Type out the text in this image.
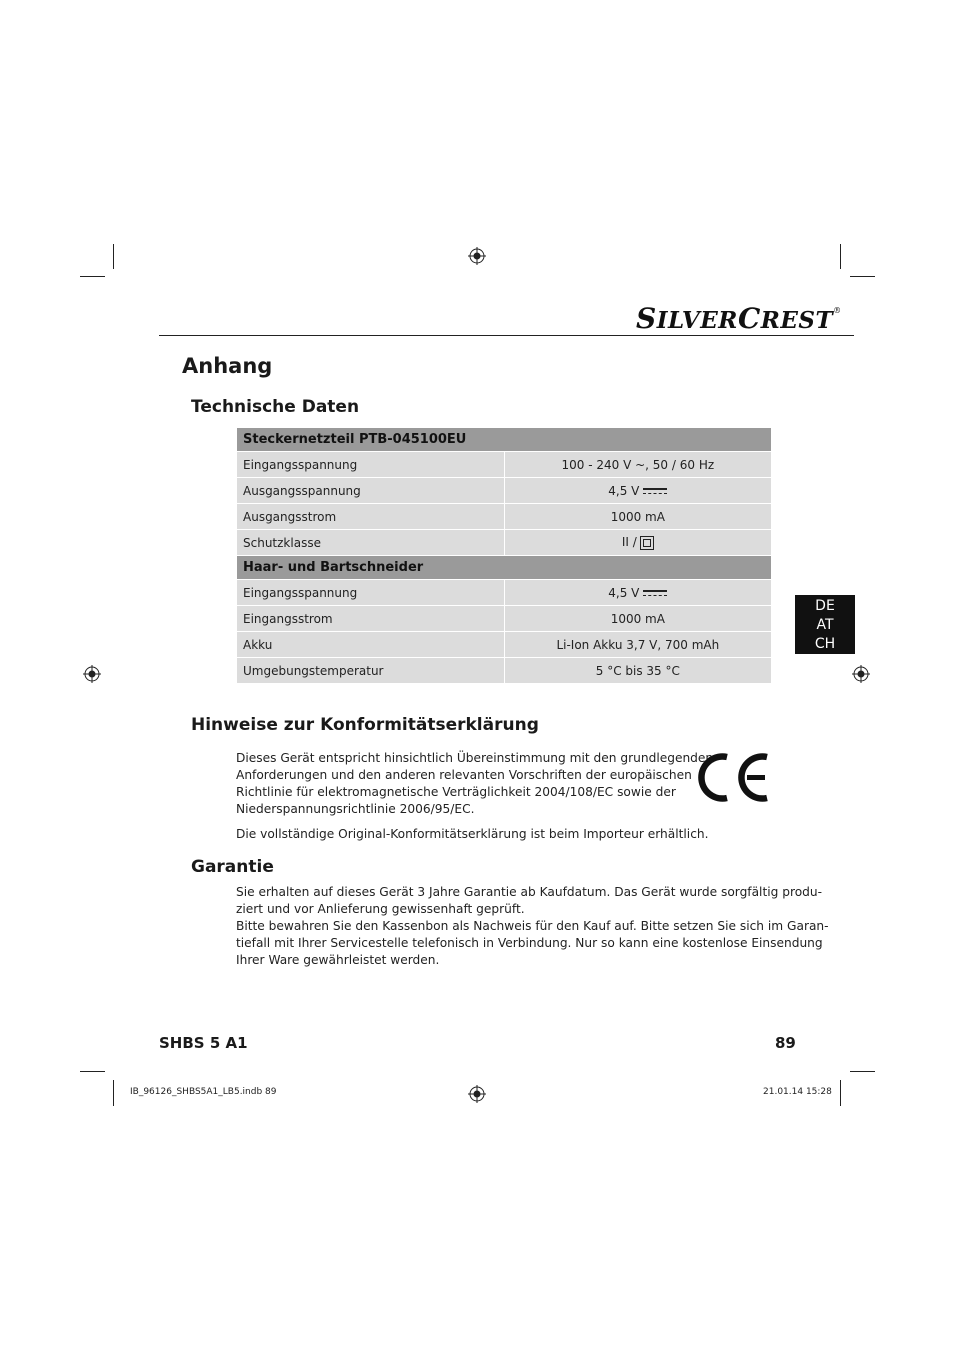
SILVERCREST®
Anhang
Technische Daten
Steckernetzteil PTB-045100EU	
Eingangsspannung	100 - 240 V ~, 50 / 60 Hz
Ausgangsspannung	4,5 V
Ausgangsstrom	1000 mA
Schutzklasse	II /

Haar- und Bartschneider	
Eingangsspannung	4,5 V
Eingangsstrom	1000 mA
Akku	Li-Ion Akku 3,7 V, 700 mAh
Umgebungstemperatur	5 °C bis 35 °C
DE
AT
CH
Hinweise zur Konformitätserklärung
Dieses Gerät entspricht hinsichtlich Übereinstimmung mit den grundlegenden
Anforderungen und den anderen relevanten Vorschriften der europäischen
Richtlinie für elektromagnetische Verträglichkeit 2004/108/EC sowie der
Niederspannungsrichtlinie 2006/95/EC.
Die vollständige Original-Konformitätserklärung ist beim Importeur erhältlich.
Garantie
Sie erhalten auf dieses Gerät 3 Jahre Garantie ab Kaufdatum. Das Gerät wurde sorgfältig produ-
ziert und vor Anlieferung gewissenhaft geprüft.
Bitte bewahren Sie den Kassenbon als Nachweis für den Kauf auf. Bitte setzen Sie sich im Garan-
tiefall mit Ihrer Servicestelle telefonisch in Verbindung. Nur so kann eine kostenlose Einsendung
Ihrer Ware gewährleistet werden.
SHBS 5 A1	89
IB_96126_SHBS5A1_LB5.indb 89	21.01.14 15:28
